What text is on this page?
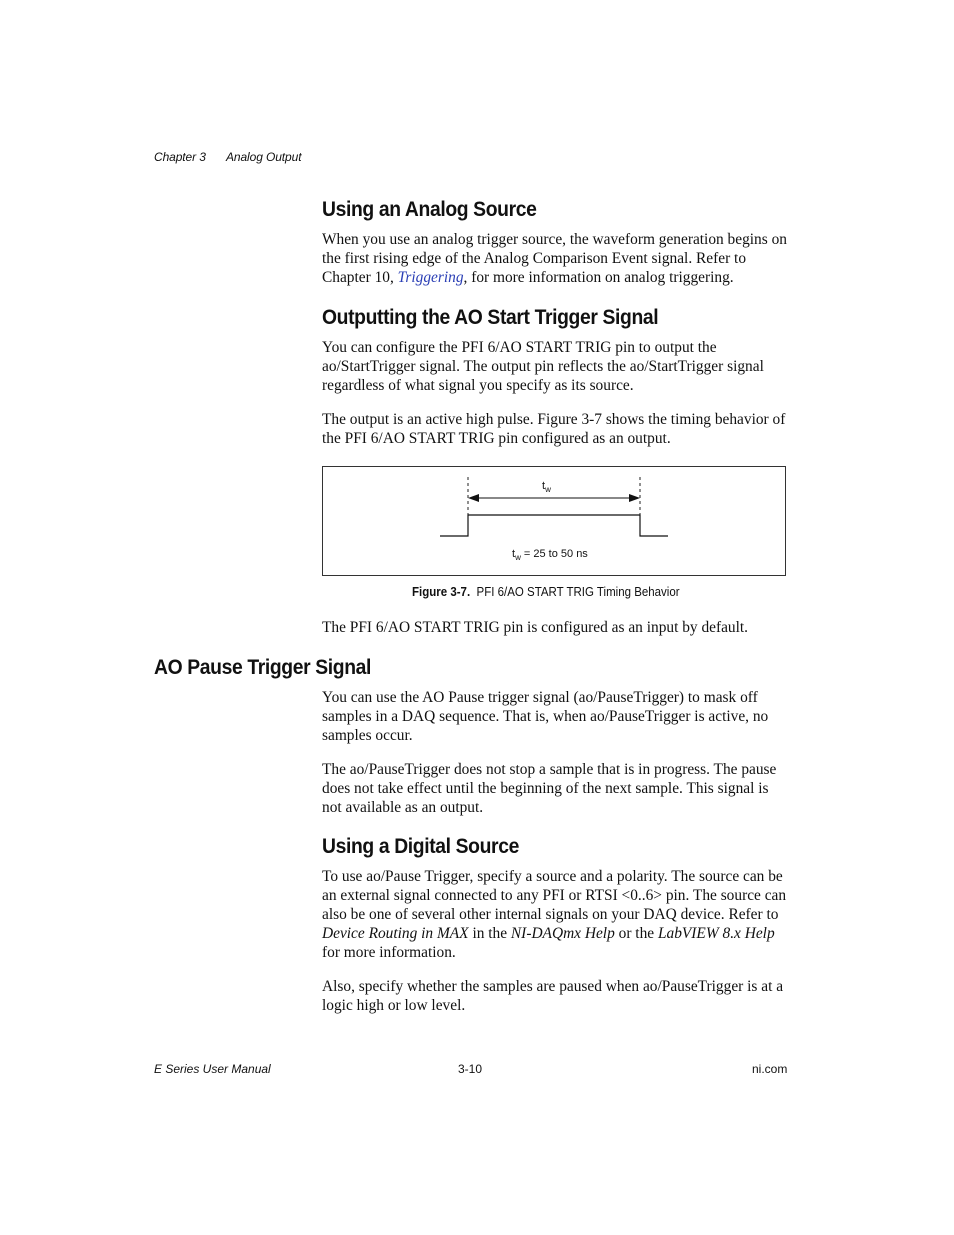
Chapter 3 Analog Output
Using an Analog Source

When you use an analog trigger source, the waveform generation begins on the first rising edge of the Analog Comparison Event signal. Refer to Chapter 10, Triggering, for more information on analog triggering.

Outputting the AO Start Trigger Signal

You can configure the PFI 6/AO START TRIG pin to output the ao/StartTrigger signal. The output pin reflects the ao/StartTrigger signal regardless of what signal you specify as its source.

The output is an active high pulse. Figure 3-7 shows the timing behavior of the PFI 6/AO START TRIG pin configured as an output.

$t_w$
$t_w = 25$ to 50 ns
Figure 3-7. PFI 6/AO START TRIG Timing Behavior

The PFI 6/AO START TRIG pin is configured as an input by default.

AO Pause Trigger Signal

You can use the AO Pause trigger signal (ao/PauseTrigger) to mask off samples in a DAQ sequence. That is, when ao/PauseTrigger is active, no samples occur.

The ao/PauseTrigger does not stop a sample that is in progress. The pause does not take effect until the beginning of the next sample. This signal is not available as an output.

Using a Digital Source

To use ao/Pause Trigger, specify a source and a polarity. The source can be an external signal connected to any PFI or RTSI <0..6> pin. The source can also be one of several other internal signals on your DAQ device. Refer to Device Routing in MAX in the NI-DAQmx Help or the LabVIEW 8.x Help for more information.

Also, specify whether the samples are paused when ao/PauseTrigger is at a logic high or low level.

E Series User Manual	3-10	ni.com
